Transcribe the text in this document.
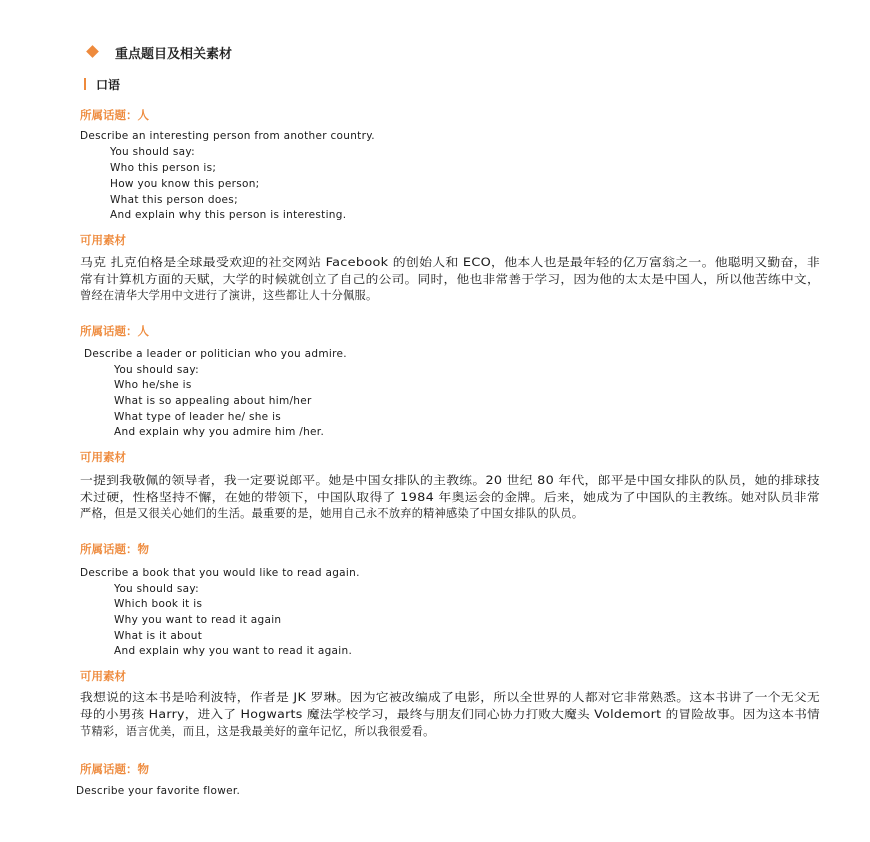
重点题目及相关素材
口语
所属话题：人
Describe an interesting person from another country.
You should say:
Who this person is;
How you know this person;
What this person does;
And explain why this person is interesting.
可用素材
马克 扎克伯格是全球最受欢迎的社交网站 Facebook 的创始人和 ECO，他本人也是最年轻的亿万富翁之一。他聪明又勤奋，非
常有计算机方面的天赋，大学的时候就创立了自己的公司。同时，他也非常善于学习，因为他的太太是中国人，所以他苦练中文，
曾经在清华大学用中文进行了演讲，这些都让人十分佩服。
所属话题：人
Describe a leader or politician who you admire.
You should say:
Who he/she is
What is so appealing about him/her
What type of leader he/ she is
And explain why you admire him /her.
可用素材
一提到我敬佩的领导者，我一定要说郎平。她是中国女排队的主教练。20 世纪 80 年代，郎平是中国女排队的队员，她的排球技
术过硬，性格坚持不懈，在她的带领下，中国队取得了 1984 年奥运会的金牌。后来，她成为了中国队的主教练。她对队员非常
严格，但是又很关心她们的生活。最重要的是，她用自己永不放弃的精神感染了中国女排队的队员。
所属话题：物
Describe a book that you would like to read again.
You should say:
Which book it is
Why you want to read it again
What is it about
And explain why you want to read it again.
可用素材
我想说的这本书是哈利波特，作者是 JK 罗琳。因为它被改编成了电影，所以全世界的人都对它非常熟悉。这本书讲了一个无父无
母的小男孩 Harry，进入了 Hogwarts 魔法学校学习，最终与朋友们同心协力打败大魔头 Voldemort 的冒险故事。因为这本书情
节精彩，语言优美，而且，这是我最美好的童年记忆，所以我很爱看。
所属话题：物
Describe your favorite flower.
